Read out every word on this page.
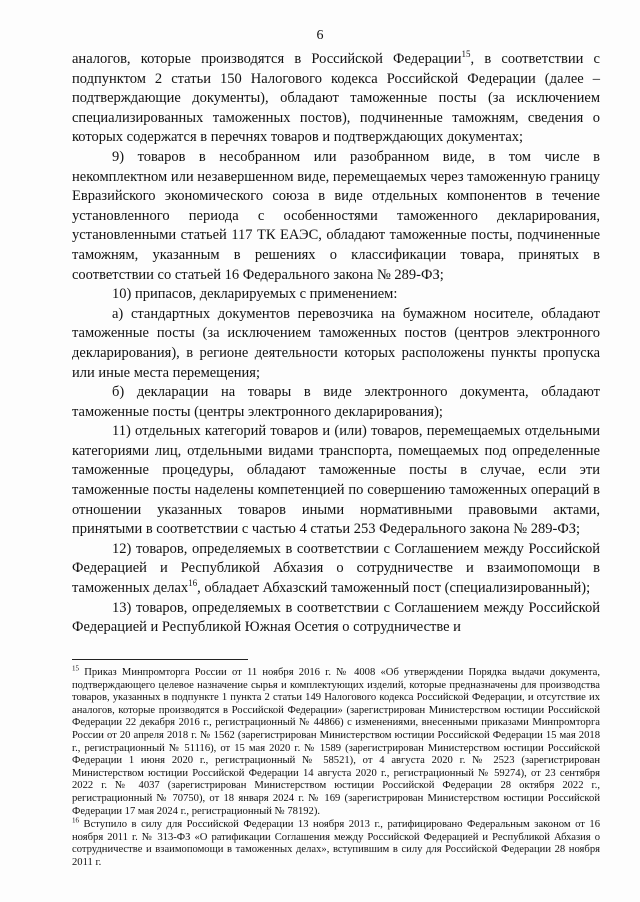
6

аналогов, которые производятся в Российской Федерации$^{15}$, в соответствии с подпунктом 2 статьи 150 Налогового кодекса Российской Федерации (далее – подтверждающие документы), обладают таможенные посты (за исключением специализированных таможенных постов), подчиненные таможням, сведения о которых содержатся в перечнях товаров и подтверждающих документах;

9) товаров в несобранном или разобранном виде, в том числе в некомплектном или незавершенном виде, перемещаемых через таможенную границу Евразийского экономического союза в виде отдельных компонентов в течение установленного периода с особенностями таможенного декларирования, установленными статьей 117 ТК ЕАЭС, обладают таможенные посты, подчиненные таможням, указанным в решениях о классификации товара, принятых в соответствии со статьей 16 Федерального закона № 289-ФЗ;

10) припасов, декларируемых с применением:

а) стандартных документов перевозчика на бумажном носителе, обладают таможенные посты (за исключением таможенных постов (центров электронного декларирования), в регионе деятельности которых расположены пункты пропуска или иные места перемещения;

б) декларации на товары в виде электронного документа, обладают таможенные посты (центры электронного декларирования);

11) отдельных категорий товаров и (или) товаров, перемещаемых отдельными категориями лиц, отдельными видами транспорта, помещаемых под определенные таможенные процедуры, обладают таможенные посты в случае, если эти таможенные посты наделены компетенцией по совершению таможенных операций в отношении указанных товаров иными нормативными правовыми актами, принятыми в соответствии с частью 4 статьи 253 Федерального закона № 289-ФЗ;

12) товаров, определяемых в соответствии с Соглашением между Российской Федерацией и Республикой Абхазия о сотрудничестве и взаимопомощи в таможенных делах$^{16}$, обладает Абхазский таможенный пост (специализированный);

13) товаров, определяемых в соответствии с Соглашением между Российской Федерацией и Республикой Южная Осетия о сотрудничестве и

$^{15}$ Приказ Минпромторга России от 11 ноября 2016 г. № 4008 «Об утверждении Порядка выдачи документа, подтверждающего целевое назначение сырья и комплектующих изделий, которые предназначены для производства товаров, указанных в подпункте 1 пункта 2 статьи 149 Налогового кодекса Российской Федерации, и отсутствие их аналогов, которые производятся в Российской Федерации» (зарегистрирован Министерством юстиции Российской Федерации 22 декабря 2016 г., регистрационный № 44866) с изменениями, внесенными приказами Минпромторга России от 20 апреля 2018 г. № 1562 (зарегистрирован Министерством юстиции Российской Федерации 15 мая 2018 г., регистрационный № 51116), от 15 мая 2020 г. № 1589 (зарегистрирован Министерством юстиции Российской Федерации 1 июня 2020 г., регистрационный № 58521), от 4 августа 2020 г. № 2523 (зарегистрирован Министерством юстиции Российской Федерации 14 августа 2020 г., регистрационный № 59274), от 23 сентября 2022 г. № 4037 (зарегистрирован Министерством юстиции Российской Федерации 28 октября 2022 г., регистрационный № 70750), от 18 января 2024 г. № 169 (зарегистрирован Министерством юстиции Российской Федерации 17 мая 2024 г., регистрационный № 78192).

$^{16}$ Вступило в силу для Российской Федерации 13 ноября 2013 г., ратифицировано Федеральным законом от 16 ноября 2011 г. № 313-ФЗ «О ратификации Соглашения между Российской Федерацией и Республикой Абхазия о сотрудничестве и взаимопомощи в таможенных делах», вступившим в силу для Российской Федерации 28 ноября 2011 г.
